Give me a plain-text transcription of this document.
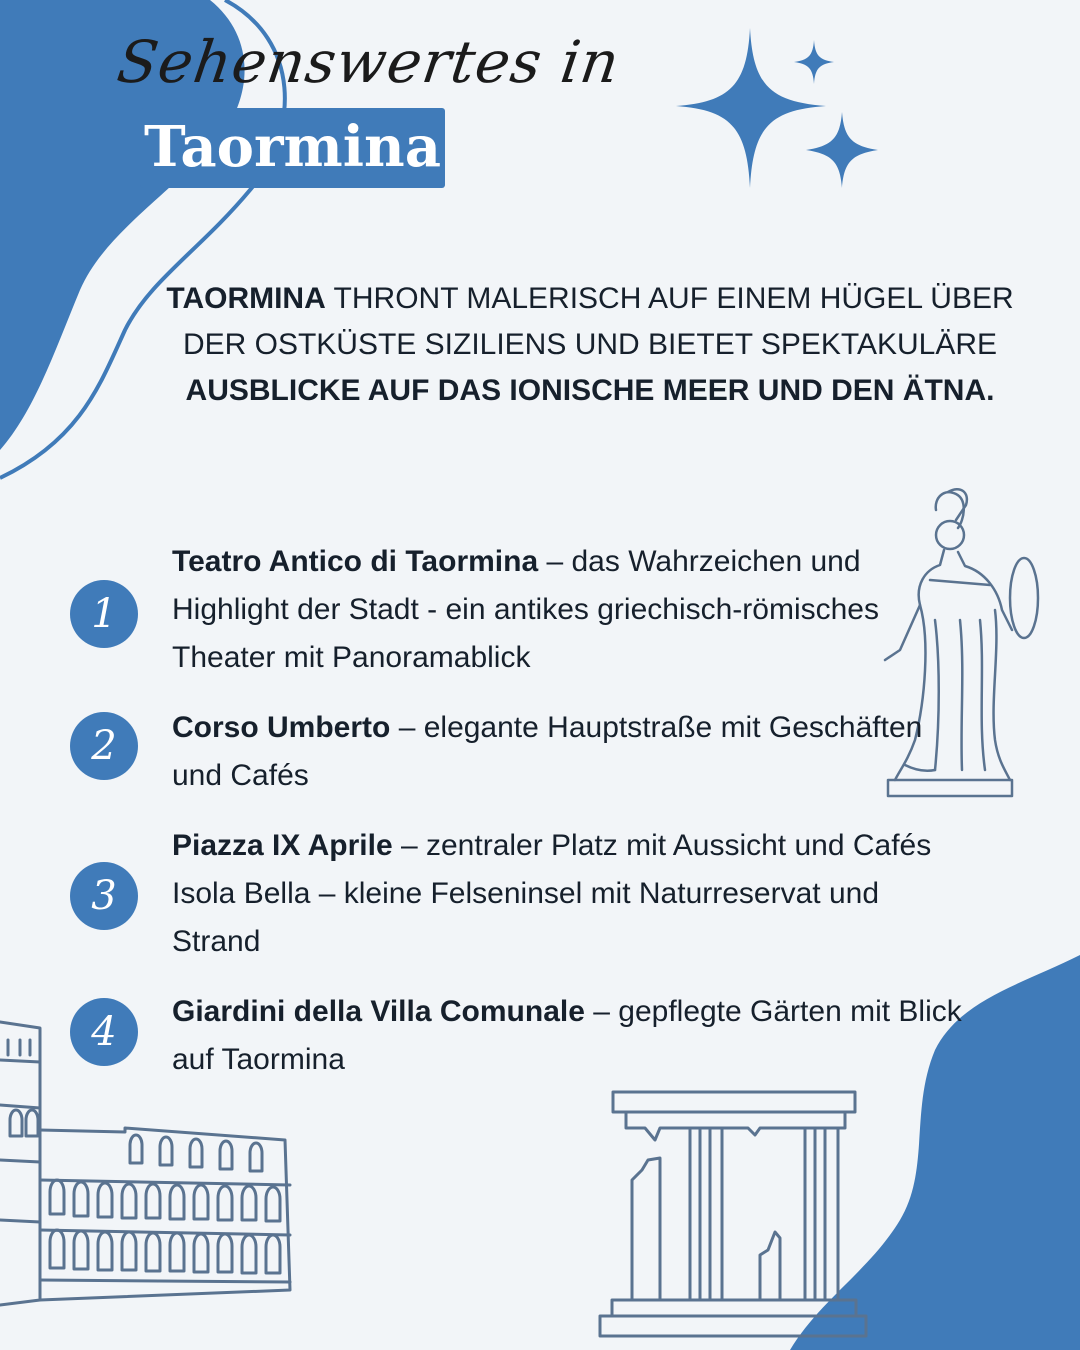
Sehenswertes in
Taormina
TAORMINA THRONT MALERISCH AUF EINEM HÜGEL ÜBER DER OSTKÜSTE SIZILIENS UND BIETET SPEKTAKULÄRE AUSBLICKE AUF DAS IONISCHE MEER UND DEN ÄTNA.
1
Teatro Antico di Taormina – das Wahrzeichen und Highlight der Stadt - ein antikes griechisch-römisches Theater mit Panoramablick
2	Corso Umberto – elegante Hauptstraße mit Geschäften und Cafés
3
Piazza IX Aprile – zentraler Platz mit Aussicht und Cafés Isola Bella – kleine Felseninsel mit Naturreservat und Strand
4	Giardini della Villa Comunale – gepflegte Gärten mit Blick auf Taormina
